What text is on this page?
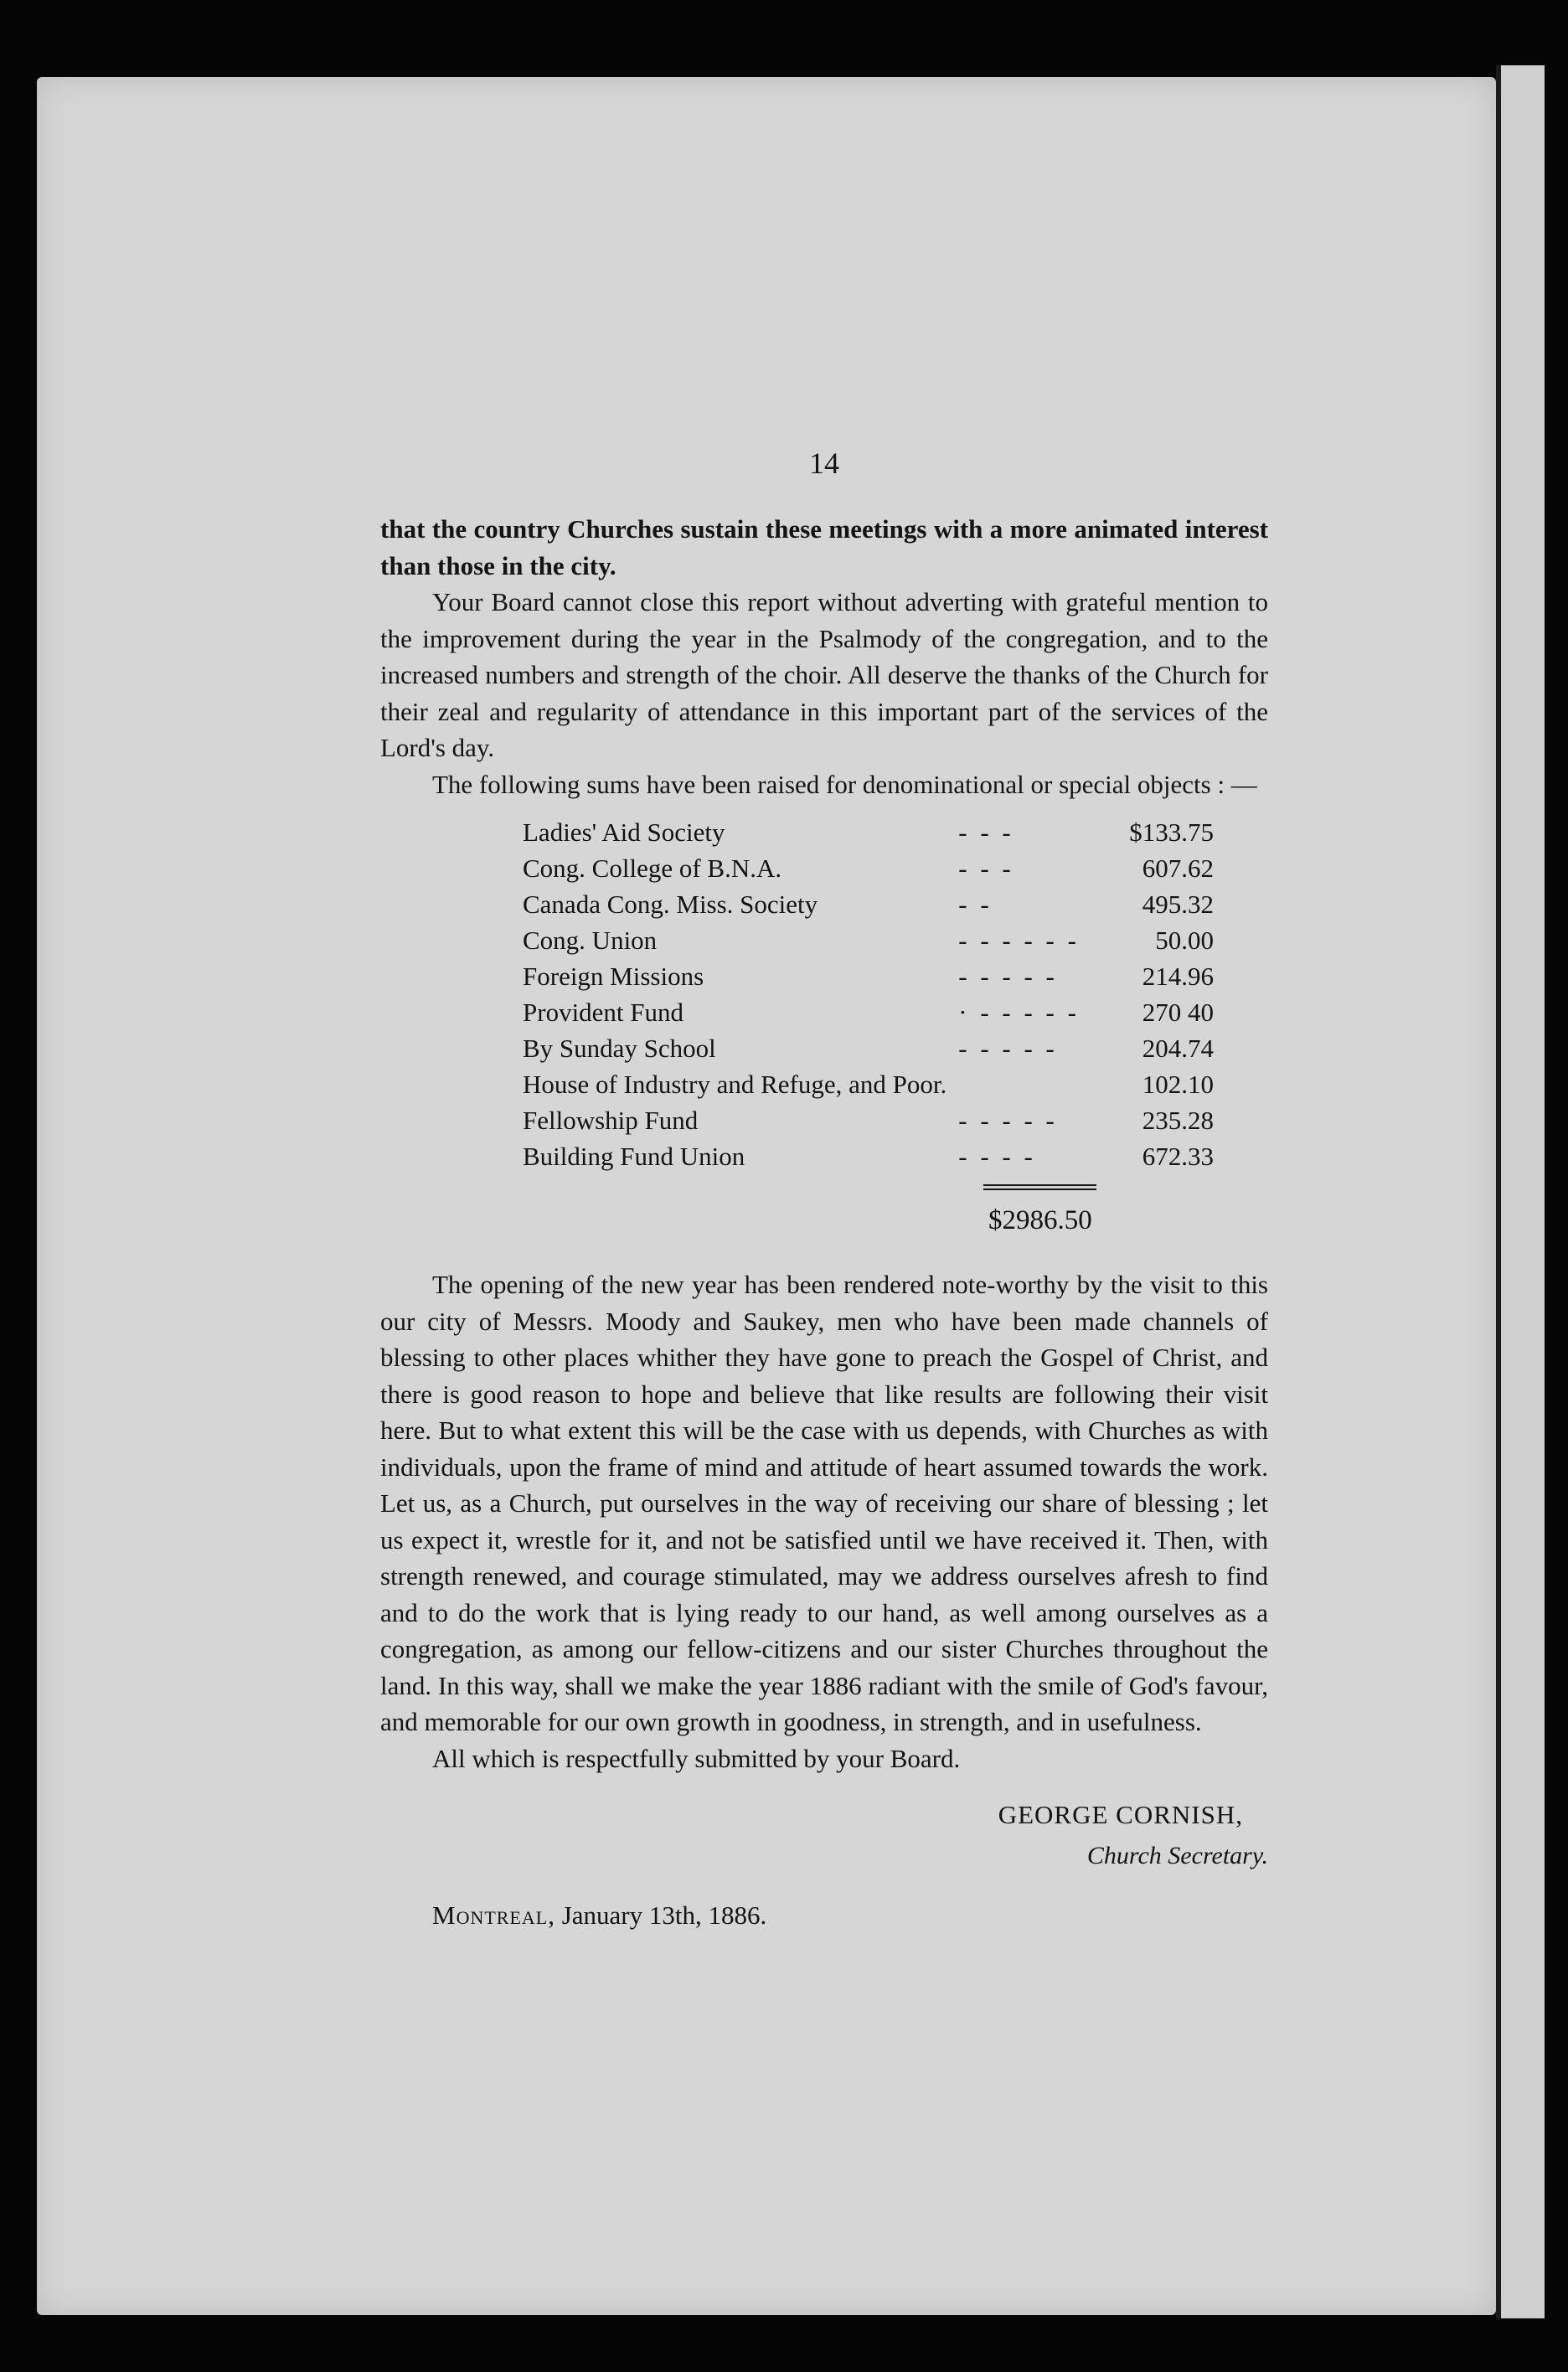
14

that the country Churches sustain these meetings with a more animated interest than those in the city.

Your Board cannot close this report without adverting with grateful mention to the improvement during the year in the Psalmody of the congregation, and to the increased numbers and strength of the choir. All deserve the thanks of the Church for their zeal and regularity of attendance in this important part of the services of the Lord's day.

The following sums have been raised for denominational or special objects : —

Ladies' Aid Society	- - -	$133.75
Cong. College of B.N.A.	- - -	607.62
Canada Cong. Miss. Society	- -	495.32
Cong. Union	- - - - - -	50.00
Foreign Missions	- - - - -	214.96
Provident Fund	· - - - - -	270 40
By Sunday School	- - - - -	204.74
House of Industry and Refuge, and Poor.		102.10
Fellowship Fund	- - - - -	235.28
Building Fund Union	- - - -	672.33
$2986.50

The opening of the new year has been rendered note-worthy by the visit to this our city of Messrs. Moody and Saukey, men who have been made channels of blessing to other places whither they have gone to preach the Gospel of Christ, and there is good reason to hope and believe that like results are following their visit here. But to what extent this will be the case with us depends, with Churches as with individuals, upon the frame of mind and attitude of heart assumed towards the work. Let us, as a Church, put ourselves in the way of receiving our share of blessing ; let us expect it, wrestle for it, and not be satisfied until we have received it. Then, with strength renewed, and courage stimulated, may we address ourselves afresh to find and to do the work that is lying ready to our hand, as well among ourselves as a congregation, as among our fellow-citizens and our sister Churches throughout the land. In this way, shall we make the year 1886 radiant with the smile of God's favour, and memorable for our own growth in goodness, in strength, and in usefulness.

All which is respectfully submitted by your Board.

GEORGE CORNISH,
Church Secretary.
Montreal, January 13th, 1886.
